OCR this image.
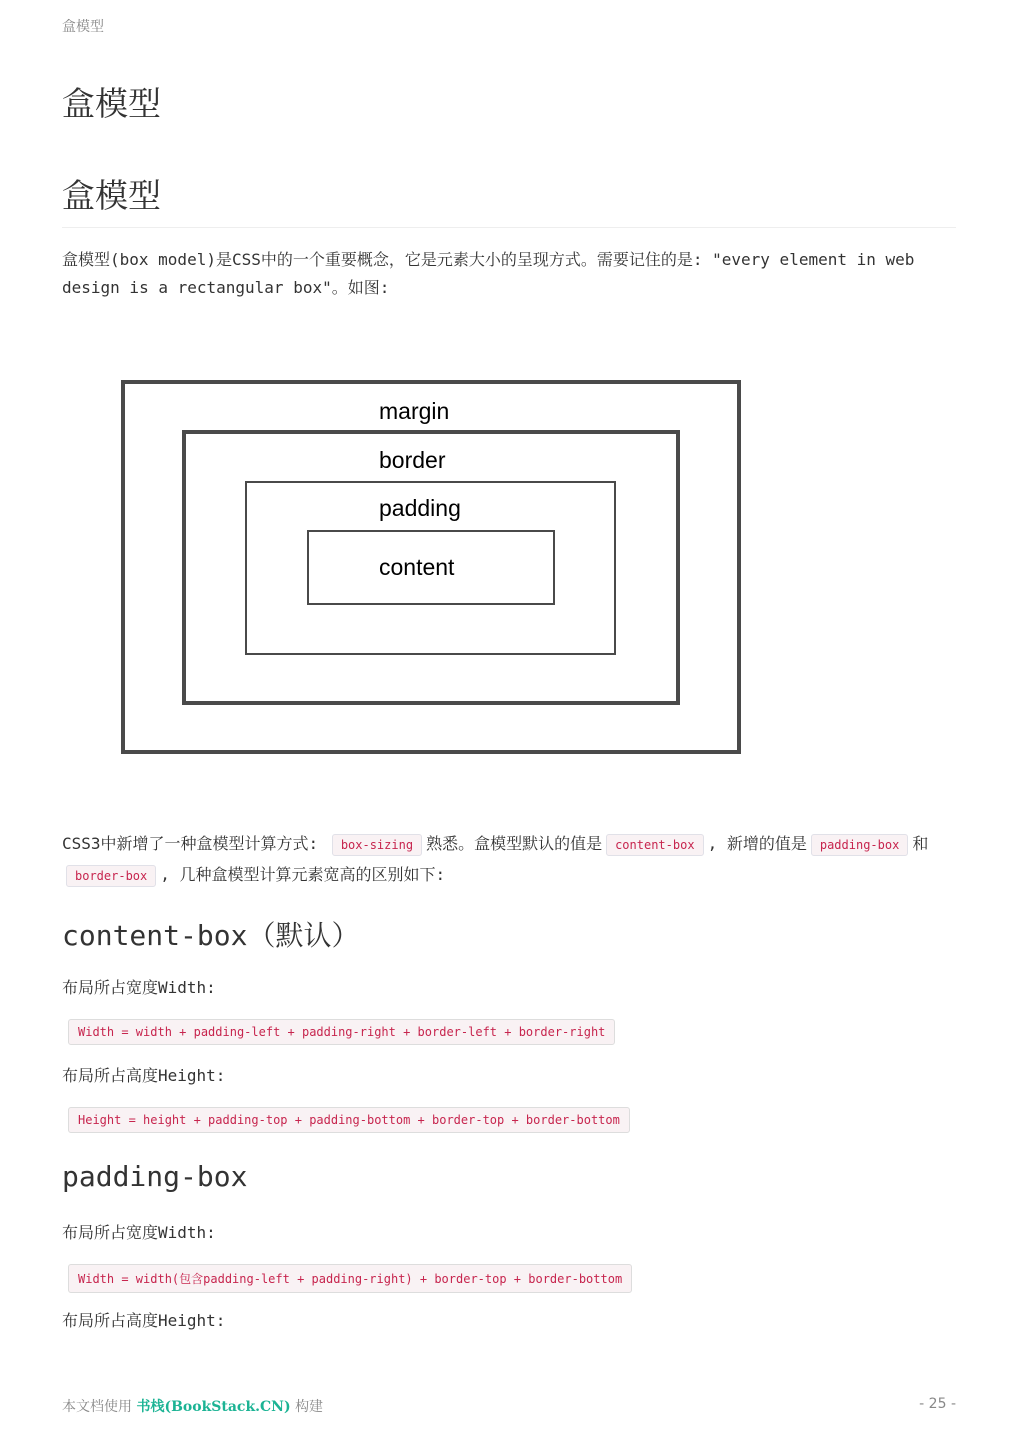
盒模型
盒模型
盒模型

盒模型(box model)是CSS中的一个重要概念，它是元素大小的呈现方式。需要记住的是: "every element in web design is a rectangular box"。如图:

margin
border
padding
content

CSS3中新增了一种盒模型计算方式: box-sizing 熟悉。盒模型默认的值是 content-box , 新增的值是 padding-box 和border-box , 几种盒模型计算元素宽高的区别如下:

content-box（默认）

布局所占宽度Width:

Width = width + padding-left + padding-right + border-left + border-right

布局所占高度Height:

Height = height + padding-top + padding-bottom + border-top + border-bottom
padding-box

布局所占宽度Width:

Width = width(包含padding-left + padding-right) + border-top + border-bottom

布局所占高度Height:

本文档使用 书栈(BookStack.CN) 构建	- 25 -
